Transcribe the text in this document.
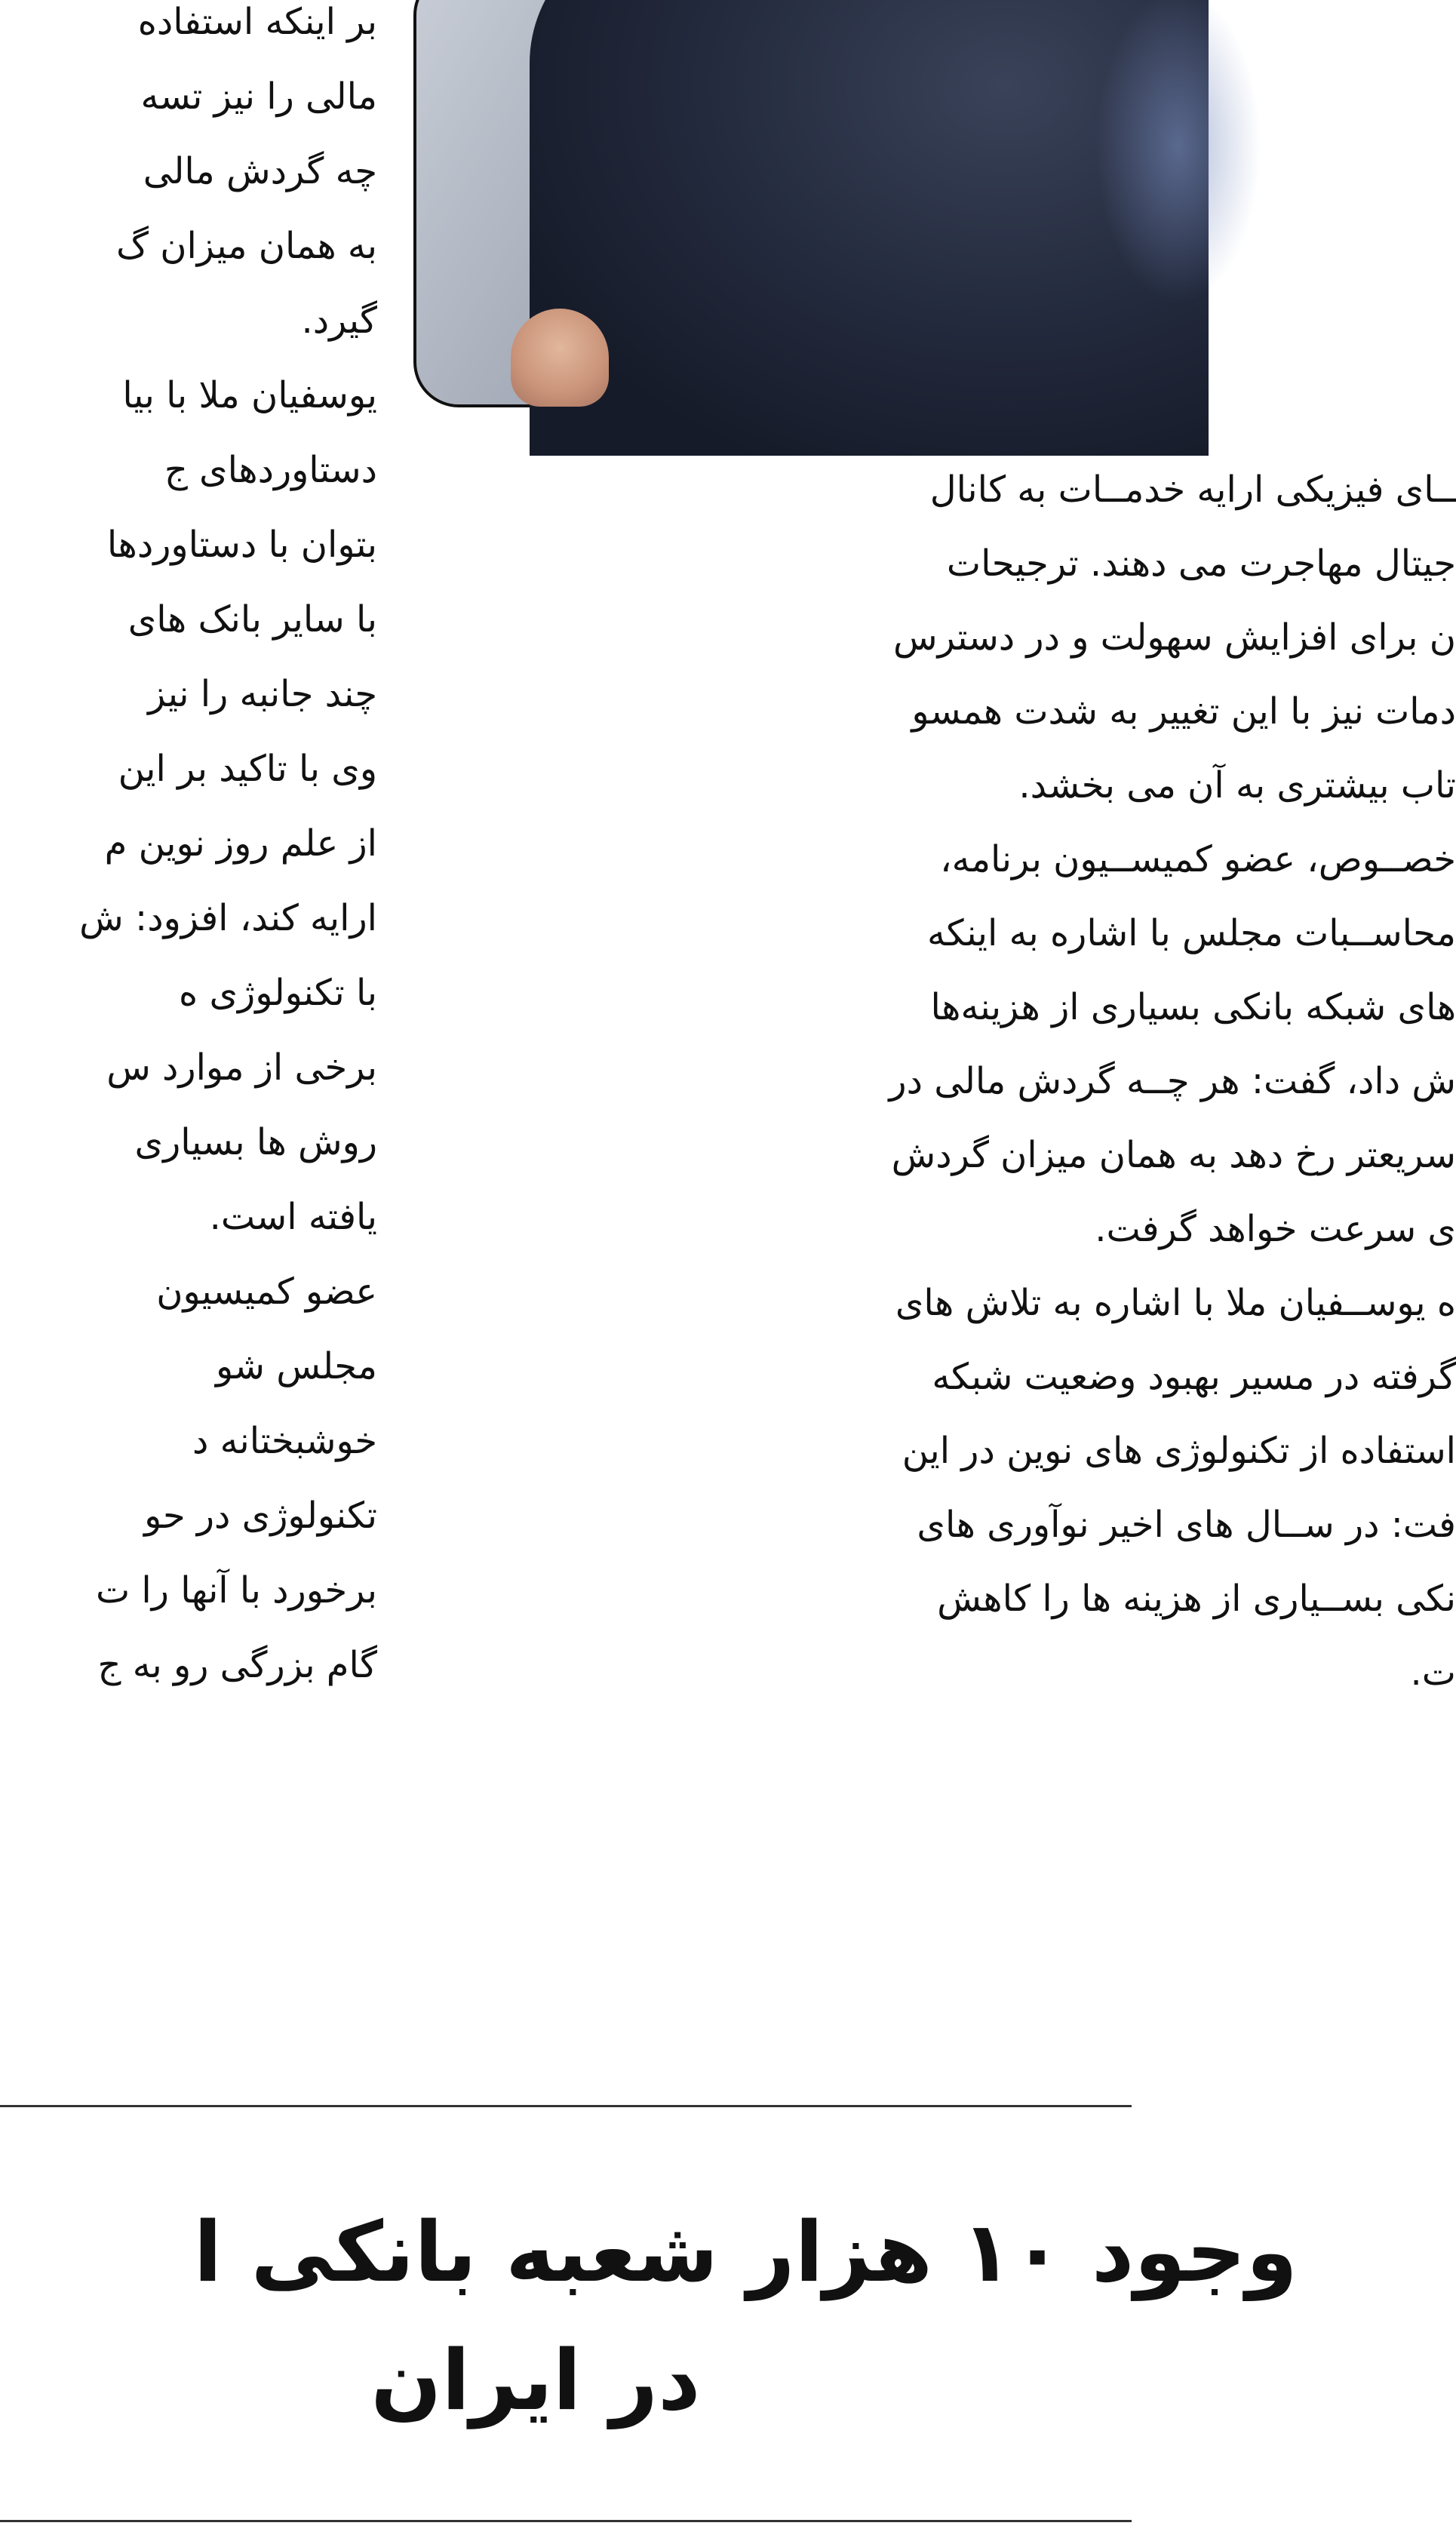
بر اینکه استفاده
مالی را نیز تسه
چه گردش مالی
به همان میزان گ
گیرد.
یوسفیان ملا با بیا
دستاوردهای ج
بتوان با دستاوردها
با سایر بانک های
چند جانبه را نیز
وی با تاکید بر این
از علم روز نوین م
ارایه کند، افزود: ش
با تکنولوژی ه
برخی از موارد س
روش ها بسیاری
یافته است.
عضو کمیسیون
مجلس شو
خوشبختانه د
تکنولوژی در حو
برخورد با آنها را ت
گام بزرگی رو به ج
ــای فیزیکی ارایه خدمــات به کانال
جیتال مهاجرت می دهند. ترجیحات
ن برای افزایش سهولت و در دسترس
دمات نیز با این تغییر به شدت همسو
تاب بیشتری به آن می بخشد.
خصــوص، عضو کمیســیون برنامه،
محاســبات مجلس با اشاره به اینکه
های شبکه بانکی بسیاری از هزینه‌ها
ش داد، گفت: هر چــه گردش مالی در
سریعتر رخ دهد به همان میزان گردش
ی سرعت خواهد گرفت.
ه یوســفیان ملا با اشاره به تلاش های
گرفته در مسیر بهبود وضعیت شبکه
استفاده از تکنولوژی های نوین در این
فت: در ســال های اخیر نوآوری های
نکی بســیاری از هزینه ها را کاهش
ت.
وجود ۱۰ هزار شعبه بانکی ا
در ایران
